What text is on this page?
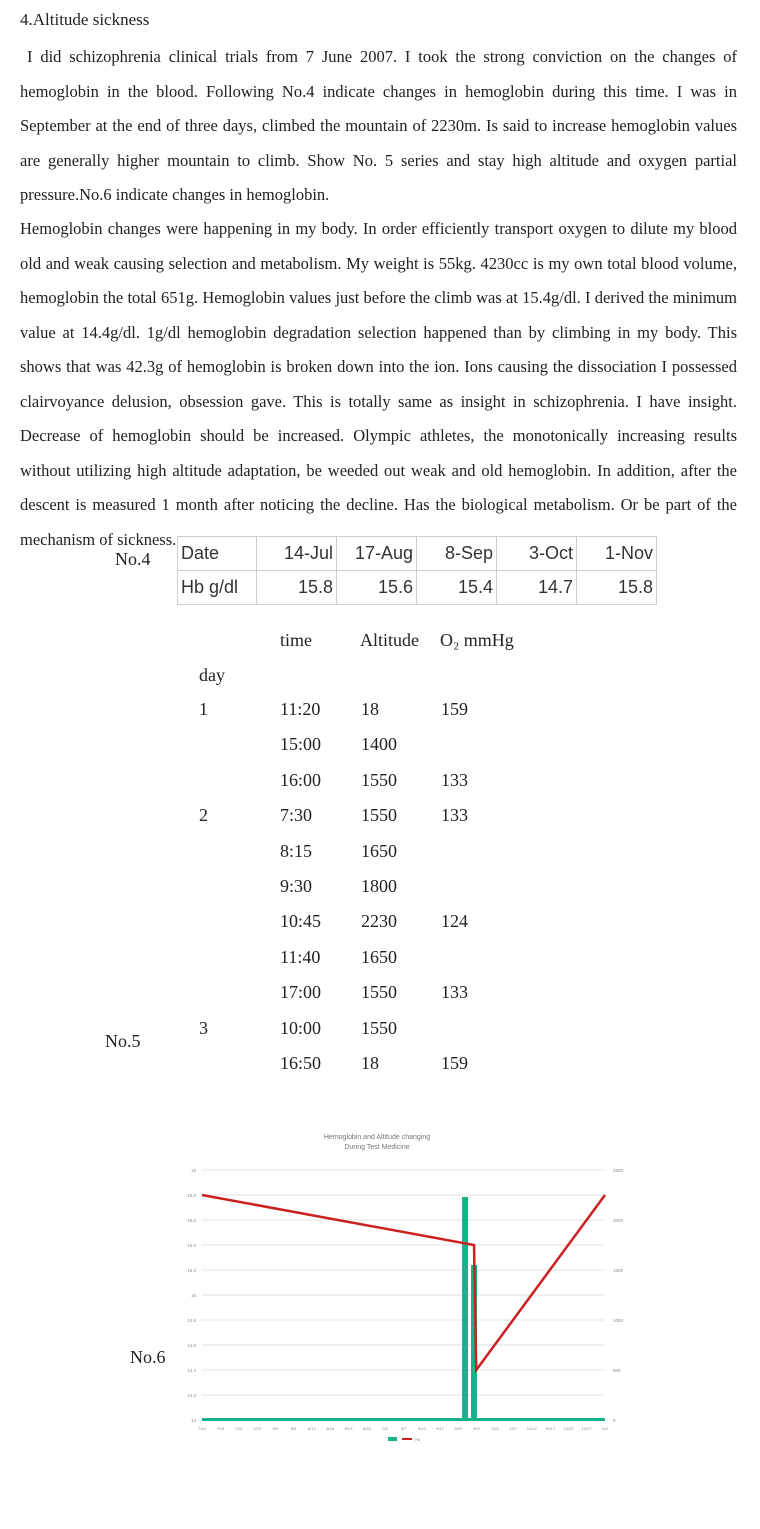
4.Altitude sickness

I did schizophrenia clinical trials from 7 June 2007. I took the strong conviction on the changes of hemoglobin in the blood. Following No.4 indicate changes in hemoglobin during this time. I was in September at the end of three days, climbed the mountain of 2230m. Is said to increase hemoglobin values are generally higher mountain to climb. Show No. 5 series and stay high altitude and oxygen partial pressure.No.6 indicate changes in hemoglobin.

Hemoglobin changes were happening in my body. In order efficiently transport oxygen to dilute my blood old and weak causing selection and metabolism. My weight is 55kg. 4230cc is my own total blood volume, hemoglobin the total 651g. Hemoglobin values just before the climb was at 15.4g/dl. I derived the minimum value at 14.4g/dl. 1g/dl hemoglobin degradation selection happened than by climbing in my body. This shows that was 42.3g of hemoglobin is broken down into the ion. Ions causing the dissociation I possessed clairvoyance delusion, obsession gave. This is totally same as insight in schizophrenia. I have insight. Decrease of hemoglobin should be increased. Olympic athletes, the monotonically increasing results without utilizing high altitude adaptation, be weeded out weak and old hemoglobin. In addition, after the descent is measured 1 month after noticing the decline. Has the biological metabolism. Or be part of the mechanism of sickness.

No.4 Date	14-Jul	17-Aug	8-Sep	3-Oct	1-Nov
Hb g/dl	15.8	15.6	15.4	14.7	15.8
time	Altitude O₂ mmHg
day
1	11:20 18	159
15:00 1400
16:00 1550 133
2	7:30	1550 133
8:15	1650
9:30	1800
10:45 2230 124
11:40 1650
17:00 1550 133
3	10:00 1550
16:50 18	159
No.5
No.6
Hemoglobin and Altitude changing
During Test Medicine
14
14.2
14.4
14.6
14.8
15
15.2
15.4
15.6
15.8
16
0
500
1000
1500
2000
2500
7/14	7/19	7/24	7/29	8/3	8/8	8/13	8/18	8/23	8/28	9/2	9/7	9/12	9/17	9/22	9/27	10/2	10/7 10/12 10/17 10/22 10/27 11/1
Hb
